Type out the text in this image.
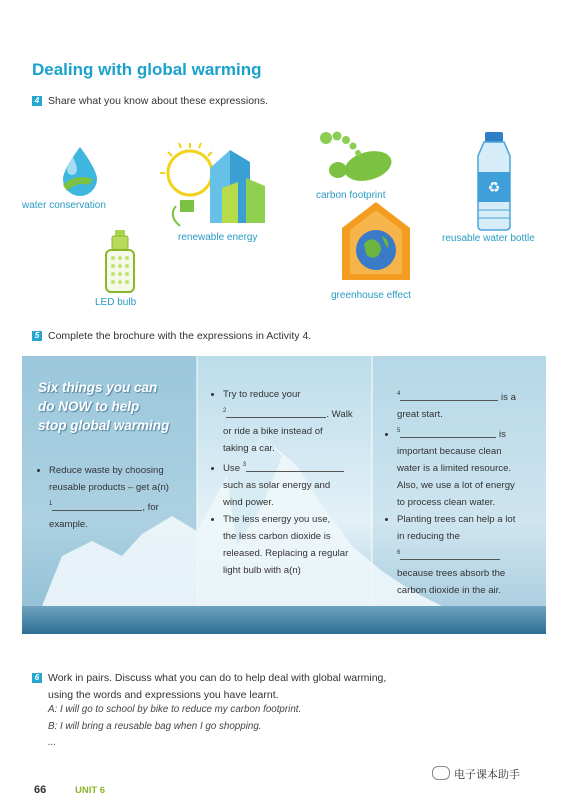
Dealing with global warming
4 Share what you know about these expressions.
water conservation
renewable energy
carbon footprint
LED bulb
greenhouse effect
♻
reusable water bottle
5 Complete the brochure with the expressions in Activity 4.
Six things you can
do NOW to help
stop global warming
• Reduce waste by choosing
reusable products – get a(n)
$^1$	, for
example.
• Try to reduce your
$^2$	. Walk
or ride a bike instead of
taking a car.
• Use $^3$
such as solar energy and
wind power.
• The less energy you use,
the less carbon dioxide is
released. Replacing a regular
light bulb with a(n)
$^4$	is a
great start.
• $^5$	is
important because clean
water is a limited resource.
Also, we use a lot of energy
to process clean water.
• Planting trees can help a lot
in reducing the
$^6$
because trees absorb the
carbon dioxide in the air.
6 Work in pairs. Discuss what you can do to help deal with global warming,
using the words and expressions you have learnt.
A: I will go to school by bike to reduce my carbon footprint.
B: I will bring a reusable bag when I go shopping.
...
66	UNIT 6
电子课本助手
